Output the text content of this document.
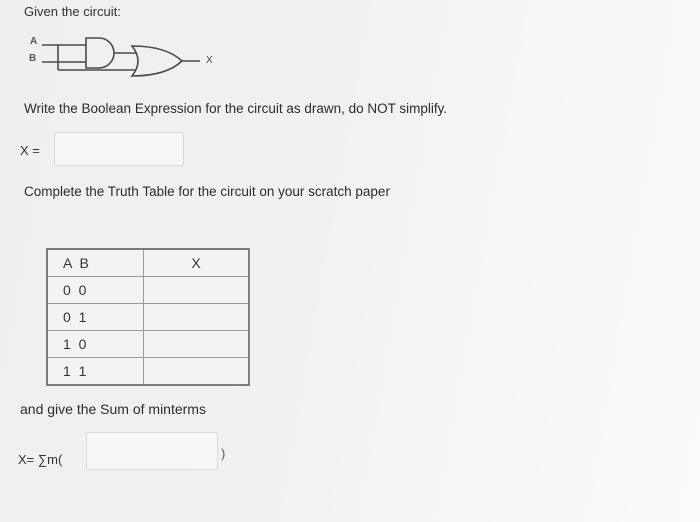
Given the circuit:
A
B	X
Write the Boolean Expression for the circuit as drawn, do NOT simplify.
X =
Complete the Truth Table for the circuit on your scratch paper
A B	X
0 0	
0 1	
1 0	
1 1	
and give the Sum of minterms
X= ∑m(	)
